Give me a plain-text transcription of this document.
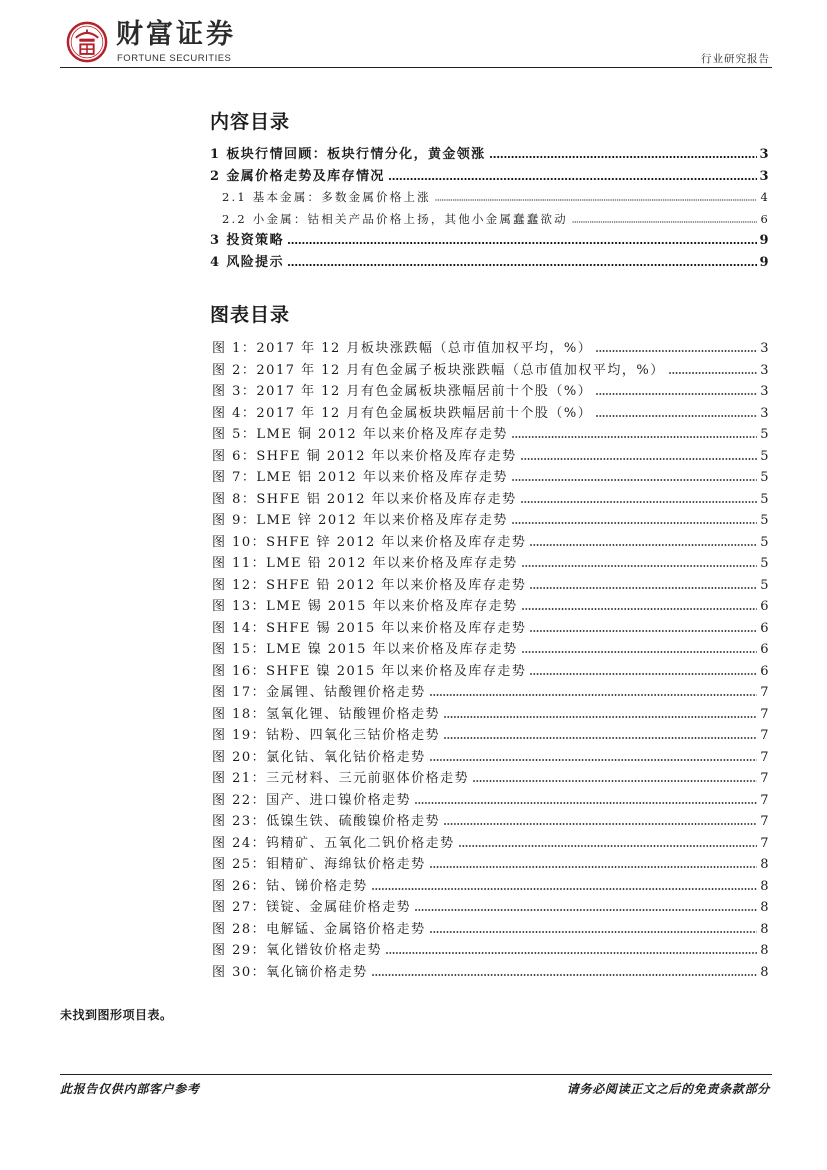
财富证券
FORTUNE SECURITIES	行业研究报告
内容目录
1 板块行情回顾：板块行情分化，黄金领涨	3
2 金属价格走势及库存情况	3
2.1 基本金属：多数金属价格上涨	4
2.2 小金属：钴相关产品价格上扬，其他小金属蠢蠢欲动	6
3 投资策略	9
4 风险提示	9
图表目录
图 1：2017 年 12 月板块涨跌幅（总市值加权平均，%）	3
图 2：2017 年 12 月有色金属子板块涨跌幅（总市值加权平均，%）	3
图 3：2017 年 12 月有色金属板块涨幅居前十个股（%）	3
图 4：2017 年 12 月有色金属板块跌幅居前十个股（%）	3
图 5：LME 铜 2012 年以来价格及库存走势	5
图 6：SHFE 铜 2012 年以来价格及库存走势	5
图 7：LME 铝 2012 年以来价格及库存走势	5
图 8：SHFE 铝 2012 年以来价格及库存走势	5
图 9：LME 锌 2012 年以来价格及库存走势	5
图 10：SHFE 锌 2012 年以来价格及库存走势	5
图 11：LME 铅 2012 年以来价格及库存走势	5
图 12：SHFE 铅 2012 年以来价格及库存走势	5
图 13：LME 锡 2015 年以来价格及库存走势	6
图 14：SHFE 锡 2015 年以来价格及库存走势	6
图 15：LME 镍 2015 年以来价格及库存走势	6
图 16：SHFE 镍 2015 年以来价格及库存走势	6
图 17：金属锂、钴酸锂价格走势	7
图 18：氢氧化锂、钴酸锂价格走势	7
图 19：钴粉、四氧化三钴价格走势	7
图 20：氯化钴、氧化钴价格走势	7
图 21：三元材料、三元前驱体价格走势	7
图 22：国产、进口镍价格走势	7
图 23：低镍生铁、硫酸镍价格走势	7
图 24：钨精矿、五氧化二钒价格走势	7
图 25：钼精矿、海绵钛价格走势	8
图 26：钴、锑价格走势	8
图 27：镁锭、金属硅价格走势	8
图 28：电解锰、金属铬价格走势	8
图 29：氧化镨钕价格走势	8
图 30：氧化镝价格走势	8
未找到图形项目表。
此报告仅供内部客户参考	请务必阅读正文之后的免责条款部分
